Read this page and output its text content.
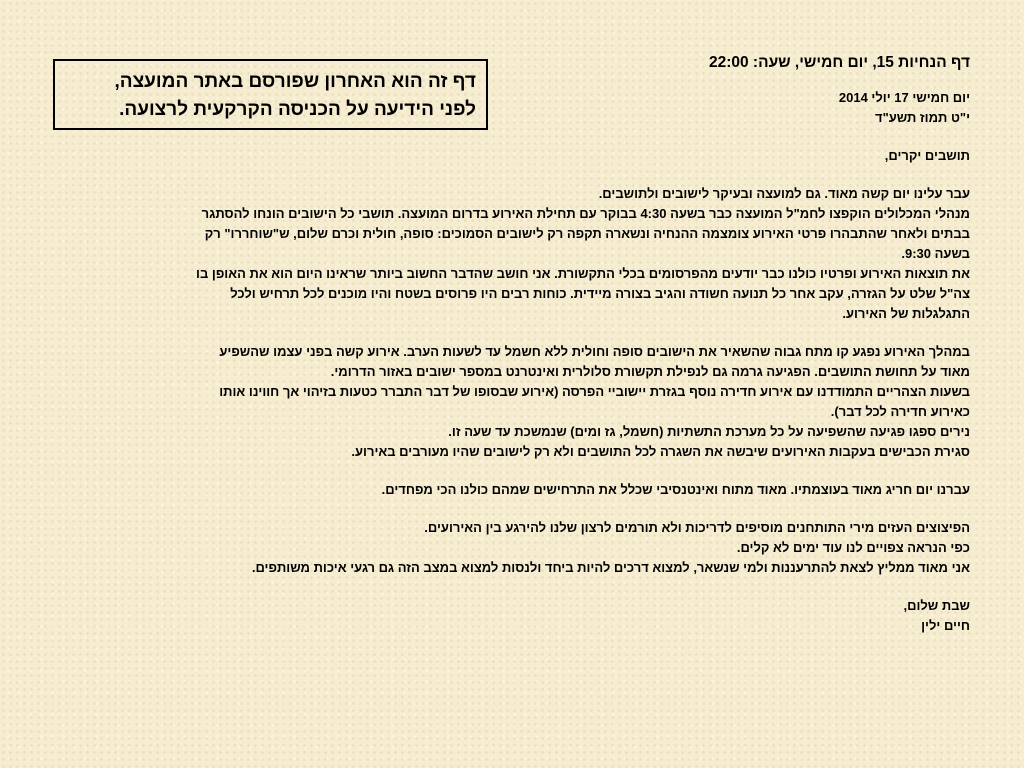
דף זה הוא האחרון שפורסם באתר המועצה,
לפני הידיעה על הכניסה הקרקעית לרצועה.
דף הנחיות 15, יום חמישי, שעה: 22:00
יום חמישי 17 יולי 2014
י"ט תמוז תשע"ד
תושבים יקרים,
עבר עלינו יום קשה מאוד. גם למועצה ובעיקר לישובים ולתושבים.
מנהלי המכלולים הוקפצו לחמ"ל המועצה כבר בשעה 4:30 בבוקר עם תחילת האירוע בדרום המועצה. תושבי כל הישובים הונחו להסתגר
בבתים ולאחר שהתבהרו פרטי האירוע צומצמה ההנחיה ונשארה תקפה רק לישובים הסמוכים: סופה, חולית וכרם שלום, ש"שוחררו" רק
בשעה 9:30.
את תוצאות האירוע ופרטיו כולנו כבר יודעים מהפרסומים בכלי התקשורת. אני חושב שהדבר החשוב ביותר שראינו היום הוא את האופן בו
צה"ל שלט על הגזרה, עקב אחר כל תנועה חשודה והגיב בצורה מיידית. כוחות רבים היו פרוסים בשטח והיו מוכנים לכל תרחיש ולכל
התגלגלות של האירוע.
במהלך האירוע נפגע קו מתח גבוה שהשאיר את הישובים סופה וחולית ללא חשמל עד לשעות הערב. אירוע קשה בפני עצמו שהשפיע
מאוד על תחושת התושבים. הפגיעה גרמה גם לנפילת תקשורת סלולרית ואינטרנט במספר ישובים באזור הדרומי.
בשעות הצהריים התמודדנו עם אירוע חדירה נוסף בגזרת יישוביי הפרסה (אירוע שבסופו של דבר התברר כטעות בזיהוי אך חווינו אותו
כאירוע חדירה לכל דבר).
נירים ספגו פגיעה שהשפיעה על כל מערכת התשתיות (חשמל, גז ומים) שנמשכת עד שעה זו.
סגירת הכבישים בעקבות האירועים שיבשה את השגרה לכל התושבים ולא רק לישובים שהיו מעורבים באירוע.
עברנו יום חריג מאוד בעוצמתיו. מאוד מתוח ואינטנסיבי שכלל את התרחישים שמהם כולנו הכי מפחדים.
הפיצוצים העזים מירי התותחנים מוסיפים לדריכות ולא תורמים לרצון שלנו להירגע בין האירועים.
כפי הנראה צפויים לנו עוד ימים לא קלים.
אני מאוד ממליץ לצאת להתרעננות ולמי שנשאר, למצוא דרכים להיות ביחד ולנסות למצוא במצב הזה גם רגעי איכות משותפים.
שבת שלום,
חיים ילין
